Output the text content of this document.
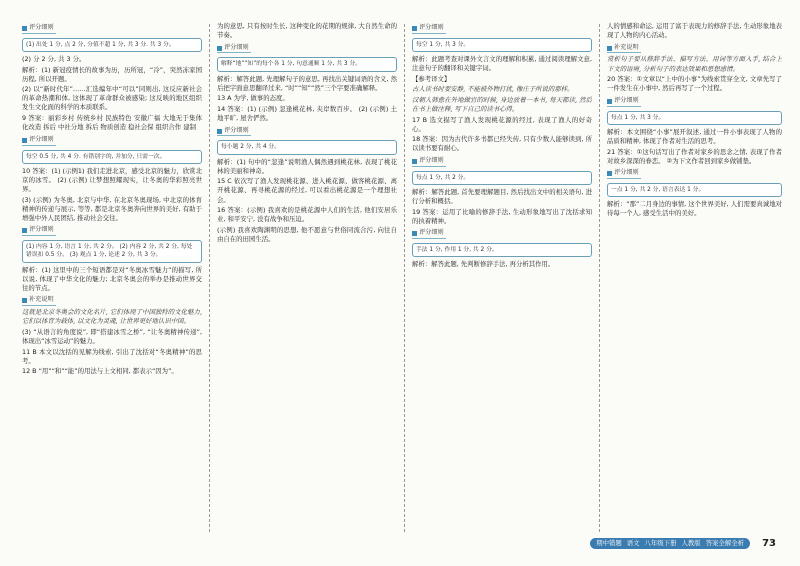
评分细则
(1) 出处 1 分, 点 2 分, 分值不超 1 分, 共 3 分. 共 3 分。

(2) 分 2 分, 共 3 分。

解析：(1) 新冠疫情长的故事为历，历所冠，“冷”，突然冻家国历程, 所以开题。

(2) 以“新时代年”……汇选编年中“可以”同则出, 这反应新社会的革命热潮和体, 这体现了革命群众被感染; 这反映的地区组织发生文化面的科学的本质联系。

9 答案：丽彩乡村 传统乡村 民族特色 安徽广福 大地无于集体化改造 拆后 中社分地 拆后 物质创造 稳社会保 组织合作 建制

评分细则
每空 0.5 分, 共 4 分. 有错别字的, 并加分, 只需一次。

10 答案：(1) (示例1) 我们走进北京，感受北京的魅力，欣赏北京的冰雪。 (2) (示例) 让梦想照耀现实，让冬奥的华彩照亮世界。

(3) (示例) 为冬奥, 北京与中华, 在北京冬奥现场, 中北京的体育精神的传递与展示, 等等, 都是北京冬奥奔向世界的美好, 有助于增强中外人民团结, 推动社会交往。

评分细则
(1) 内容 1 分, 语言 1 分, 共 2 分。 (2) 内容 2 分, 共 2 分, 每处错误扣 0.5 分。 (3) 观点 1 分, 论述 2 分, 共 3 分。

解析：(1) 这里中的三个短语都是对“冬奥冰雪魅力”的描写, 所以说, 体现了中华文化的魅力; 北京冬奥会的举办是推动世界交往的节点。

补充说明

这就是北京冬奥会的文化名片, 它们体现了中国独特的文化魅力, 它们以体育为载体, 以文化为灵魂, 让世界更好地认识中国。

(3) “从语言的角度说”, 即“搭建冰雪之桥”, “让冬奥精神传递”, 体现出“冰雪运动”的魅力。

11 B 本文以沈括的见解为线索, 引出了沈括对“冬奥精神”的思考。

12 B “用”“和”“能”的用法与上文相同, 都表示“因为”。

为的意思, 只有按时生长, 这种变化的花期的规律, 大自然生命的节奏。

评分细则
解释“地”“知”的每个各 1 分, 句意通顺 1 分, 共 3 分。

解析：解答此题, 先理解句子的意思, 再找出关键词语的含义, 然后把字面意思翻译过来, “时”“知”“然”三个字要准确解释。

13 A 为学, 做事的态度。

14 答案：(1) (示例) 忽逢桃花林, 夹岸数百步。 (2) (示例) 土地平旷, 屋舍俨然。

评分细则
每小题 2 分, 共 4 分。

解析：(1) 句中的“忽逢”说明渔人偶然遇到桃花林, 表现了桃花林的美丽和神奇。

15 C 依次写了渔人发现桃花源、进入桃花源、做客桃花源、离开桃花源、再寻桃花源的经过, 可以看出桃花源是一个理想社会。

16 答案：(示例) 我喜欢的是桃花源中人们的生活, 他们安居乐业, 和平安宁, 没有战争和压迫。

(示例) 我喜欢陶渊明的思想, 他不愿意与世俗同流合污, 向往自由自在的田园生活。

评分细则
每空 1 分, 共 3 分。

解析：此题考查对课外文言文的理解和积累, 通过阅读理解文意, 注意句子的翻译和关键字词。

【参考译文】

古人读书时要安静, 不能被外物打扰, 像庄子所说的那样。

汉朝人韩愈在外地做官的时候, 身边放着一本书, 每天都读, 然后在书上做注释, 写下自己的读书心得。

17 B 选文描写了渔人发现桃花源的经过, 表现了渔人的好奇心。

18 答案：因为古代许多书都已经失传, 只有少数人能够读到, 所以读书要有耐心。

评分细则
每点 1 分, 共 2 分。

解析：解答此题, 首先要理解题目, 然后找出文中的相关语句, 进行分析和概括。

19 答案：运用了比喻的修辞手法, 生动形象地写出了沈括求知的执着精神。

评分细则
手法 1 分, 作用 1 分, 共 2 分。

解析：解答此题, 先判断修辞手法, 再分析其作用。

人的情感和命运, 运用了富于表现力的修辞手法, 生动形象地表现了人物的内心活动。

补充说明

赏析句子要从修辞手法、描写方法、用词等方面入手, 结合上下文的语境, 分析句子的表达效果和思想感情。

20 答案：①文章以“上中的小事”为线索贯穿全文, 文章先写了一件发生在小事中, 然后再写了一个过程。

评分细则
每点 1 分, 共 3 分。

解析：本文围绕“小事”展开叙述, 通过一件小事表现了人物的品质和精神, 体现了作者对生活的思考。

21 答案：①这句话写出了作者对家乡的思念之情, 表现了作者对故乡深深的眷恋。 ②为下文作者回到家乡做铺垫。

评分细则
一点 1 分, 共 2 分, 语言表达 1 分。

解析：“那”二月身边的事情, 这个世界美好, 人们需要真诚地对待每一个人, 感受生活中的美好。

期中错题 语文 八年级下册 人教版 答案全解全析 73
